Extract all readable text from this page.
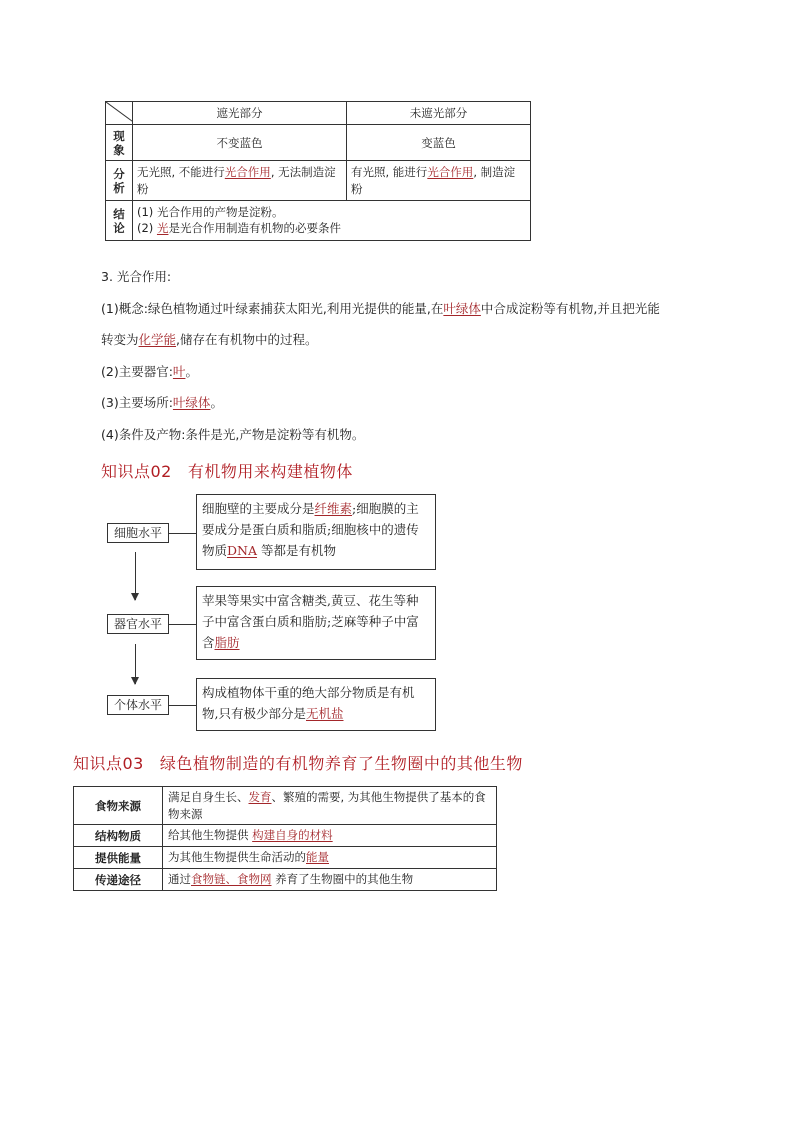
	遮光部分	未遮光部分
现象	不变蓝色	变蓝色
分析	无光照, 不能进行光合作用, 无法制造淀粉	有光照, 能进行光合作用, 制造淀粉
结论	(1) 光合作用的产物是淀粉。
(2) 光是光合作用制造有机物的必要条件	
3. 光合作用:
(1)概念:绿色植物通过叶绿素捕获太阳光,利用光提供的能量,在叶绿体中合成淀粉等有机物,并且把光能
转变为化学能,储存在有机物中的过程。
(2)主要器官:叶。
(3)主要场所:叶绿体。
(4)条件及产物:条件是光,产物是淀粉等有机物。
知识点02 有机物用来构建植物体
细胞水平
细胞壁的主要成分是纤维素;细胞膜的主要成分是蛋白质和脂质;细胞核中的遗传物质DNA 等都是有机物
器官水平
苹果等果实中富含糖类,黄豆、花生等种子中富含蛋白质和脂肪;芝麻等种子中富含脂肪
个体水平
构成植物体干重的绝大部分物质是有机物,只有极少部分是无机盐
知识点03 绿色植物制造的有机物养育了生物圈中的其他生物
食物来源	满足自身生长、发育、繁殖的需要, 为其他生物提供了基本的食物来源
结构物质	给其他生物提供 构建自身的材料
提供能量	为其他生物提供生命活动的能量
传递途径	通过食物链、食物网 养育了生物圈中的其他生物
